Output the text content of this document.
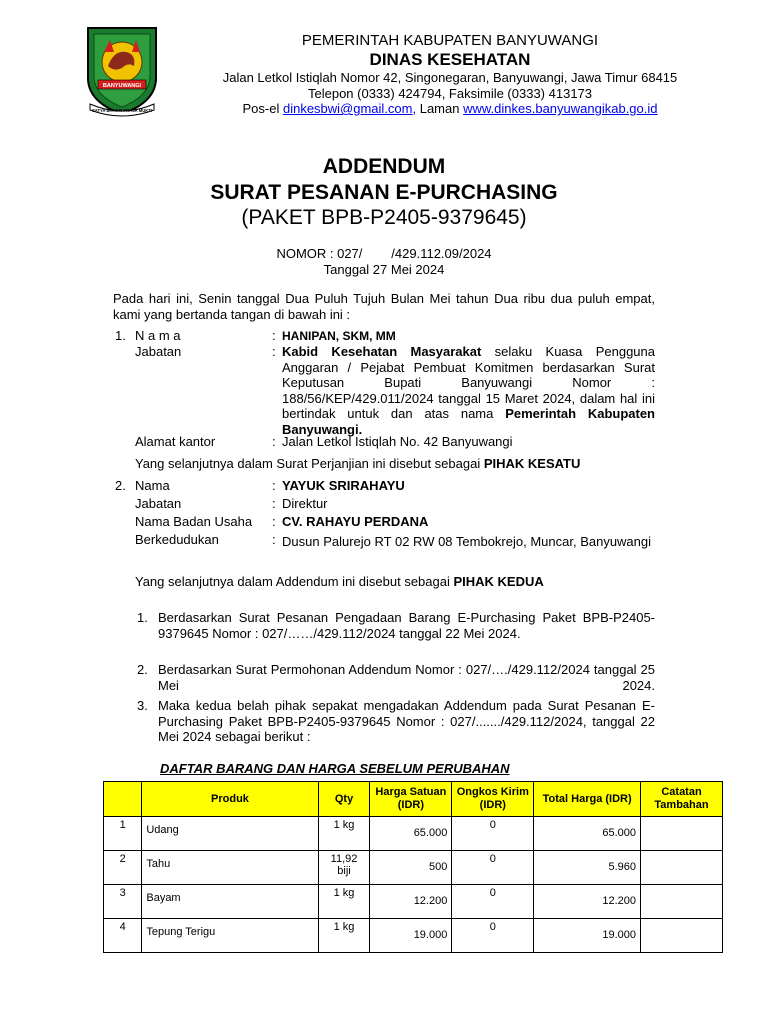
BANYUWANGI
SATYA BHAKTI PRAJA MUKTI
PEMERINTAH KABUPATEN BANYUWANGI
DINAS KESEHATAN
Jalan Letkol Istiqlah Nomor 42, Singonegaran, Banyuwangi, Jawa Timur 68415
Telepon (0333) 424794, Faksimile (0333) 413173
Pos-el dinkesbwi@gmail.com, Laman www.dinkes.banyuwangikab.go.id
ADDENDUM
SURAT PESANAN E-PURCHASING
(PAKET BPB-P2405-9379645)
NOMOR : 027/        /429.112.09/2024
Tanggal 27 Mei 2024
Pada hari ini, Senin tanggal Dua Puluh Tujuh Bulan Mei tahun Dua ribu dua puluh empat, kami yang bertanda tangan di bawah ini :
1. N a m a	: HANIPAN, SKM, MM
Jabatan	: Kabid Kesehatan Masyarakat selaku Kuasa Pengguna Anggaran / Pejabat Pembuat Komitmen berdasarkan Surat Keputusan Bupati Banyuwangi Nomor : 188/56/KEP/429.011/2024 tanggal 15 Maret 2024, dalam hal ini bertindak untuk dan atas nama Pemerintah Kabupaten Banyuwangi.
Alamat kantor	: Jalan Letkol Istiqlah No. 42 Banyuwangi
Yang selanjutnya dalam Surat Perjanjian ini disebut sebagai PIHAK KESATU
2. Nama	: YAYUK SRIRAHAYU
Jabatan	: Direktur
Nama Badan Usaha : CV. RAHAYU PERDANA
Berkedudukan	: Dusun Palurejo RT 02 RW 08 Tembokrejo, Muncar, Banyuwangi
Yang selanjutnya dalam Addendum ini disebut sebagai PIHAK KEDUA
1. Berdasarkan Surat Pesanan Pengadaan Barang E-Purchasing Paket BPB-P2405-9379645 Nomor : 027/……/429.112/2024 tanggal 22 Mei 2024.
2. Berdasarkan Surat Permohonan Addendum Nomor : 027/…./429.112/2024 tanggal 25 Mei 2024.
3. Maka kedua belah pihak sepakat mengadakan Addendum pada Surat Pesanan E-Purchasing Paket BPB-P2405-9379645 Nomor : 027/......./429.112/2024, tanggal 22 Mei 2024 sebagai berikut :
DAFTAR BARANG DAN HARGA SEBELUM PERUBAHAN
	Produk	Qty	Harga Satuan (IDR)	Ongkos Kirim (IDR)	Total Harga (IDR)	Catatan Tambahan
1	Udang	1 kg	65.000	0	65.000	

2	Tahu	11,92 biji	500	0	5.960	

3	Bayam	1 kg	12.200	0	12.200	

4	Tepung Terigu	1 kg	19.000	0	19.000	
